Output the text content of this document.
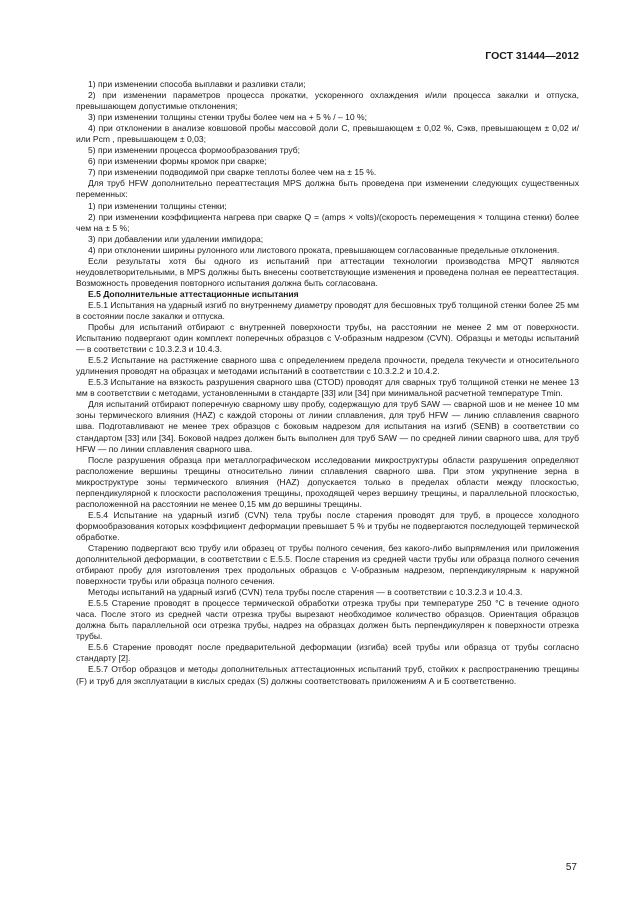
ГОСТ 31444—2012

1) при изменении способа выплавки и разливки стали;

2) при изменении параметров процесса прокатки, ускоренного охлаждения и/или процесса закалки и отпуска, превышающем допустимые отклонения;

3) при изменении толщины стенки трубы более чем на + 5 % / – 10 %;

4) при отклонении в анализе ковшовой пробы массовой доли C, превышающем ± 0,02 %, Cэкв, превышающем ± 0,02 и/или Pcm , превышающем ± 0,03;

5) при изменении процесса формообразования труб;

6) при изменении формы кромок при сварке;

7) при изменении подводимой при сварке теплоты более чем на ± 15 %.

Для труб HFW дополнительно переаттестация MPS должна быть проведена при изменении следующих существенных переменных:

1) при изменении толщины стенки;

2) при изменении коэффициента нагрева при сварке Q = (amps × volts)/(скорость перемещения × толщина стенки) более чем на ± 5 %;

3) при добавлении или удалении импидора;

4) при отклонении ширины рулонного или листового проката, превышающем согласованные предельные отклонения.

Если результаты хотя бы одного из испытаний при аттестации технологии производства MPQT являются неудовлетворительными, в MPS должны быть внесены соответствующие изменения и проведена полная ее переаттестация. Возможность проведения повторного испытания должна быть согласована.

Е.5 Дополнительные аттестационные испытания

Е.5.1 Испытания на ударный изгиб по внутреннему диаметру проводят для бесшовных труб толщиной стенки более 25 мм в состоянии после закалки и отпуска.

Пробы для испытаний отбирают с внутренней поверхности трубы, на расстоянии не менее 2 мм от поверхности. Испытанию подвергают один комплект поперечных образцов с V-образным надрезом (CVN). Образцы и методы испытаний — в соответствии с 10.3.2.3 и 10.4.3.

Е.5.2 Испытание на растяжение сварного шва с определением предела прочности, предела текучести и относительного удлинения проводят на образцах и методами испытаний в соответствии с 10.3.2.2 и 10.4.2.

Е.5.3 Испытание на вязкость разрушения сварного шва (CTOD) проводят для сварных труб толщиной стенки не менее 13 мм в соответствии с методами, установленными в стандарте [33] или [34] при минимальной расчетной температуре Tmin.

Для испытаний отбирают поперечную сварному шву пробу, содержащую для труб SAW — сварной шов и не менее 10 мм зоны термического влияния (HAZ) с каждой стороны от линии сплавления, для труб HFW — линию сплавления сварного шва. Подготавливают не менее трех образцов с боковым надрезом для испытания на изгиб (SENB) в соответствии со стандартом [33] или [34]. Боковой надрез должен быть выполнен для труб SAW — по средней линии сварного шва, для труб HFW — по линии сплавления сварного шва.

После разрушения образца при металлографическом исследовании микроструктуры области разрушения определяют расположение вершины трещины относительно линии сплавления сварного шва. При этом укрупнение зерна в микроструктуре зоны термического влияния (HAZ) допускается только в пределах области между плоскостью, перпендикулярной к плоскости расположения трещины, проходящей через вершину трещины, и параллельной плоскостью, расположенной на расстоянии не менее 0,15 мм до вершины трещины.

Е.5.4 Испытание на ударный изгиб (CVN) тела трубы после старения проводят для труб, в процессе холодного формообразования которых коэффициент деформации превышает 5 % и трубы не подвергаются последующей термической обработке.

Старению подвергают всю трубу или образец от трубы полного сечения, без какого-либо выпрямления или приложения дополнительной деформации, в соответствии с Е.5.5. После старения из средней части трубы или образца полного сечения отбирают пробу для изготовления трех продольных образцов с V-образным надрезом, перпендикулярным к наружной поверхности трубы или образца полного сечения.

Методы испытаний на ударный изгиб (CVN) тела трубы после старения — в соответствии с 10.3.2.3 и 10.4.3.

Е.5.5 Старение проводят в процессе термической обработки отрезка трубы при температуре 250 °C в течение одного часа. После этого из средней части отрезка трубы вырезают необходимое количество образцов. Ориентация образцов должна быть параллельной оси отрезка трубы, надрез на образцах должен быть перпендикулярен к поверхности отрезка трубы.

Е.5.6 Старение проводят после предварительной деформации (изгиба) всей трубы или образца от трубы согласно стандарту [2].

Е.5.7 Отбор образцов и методы дополнительных аттестационных испытаний труб, стойких к распространению трещины (F) и труб для эксплуатации в кислых средах (S) должны соответствовать приложениям А и Б соответственно.

57
